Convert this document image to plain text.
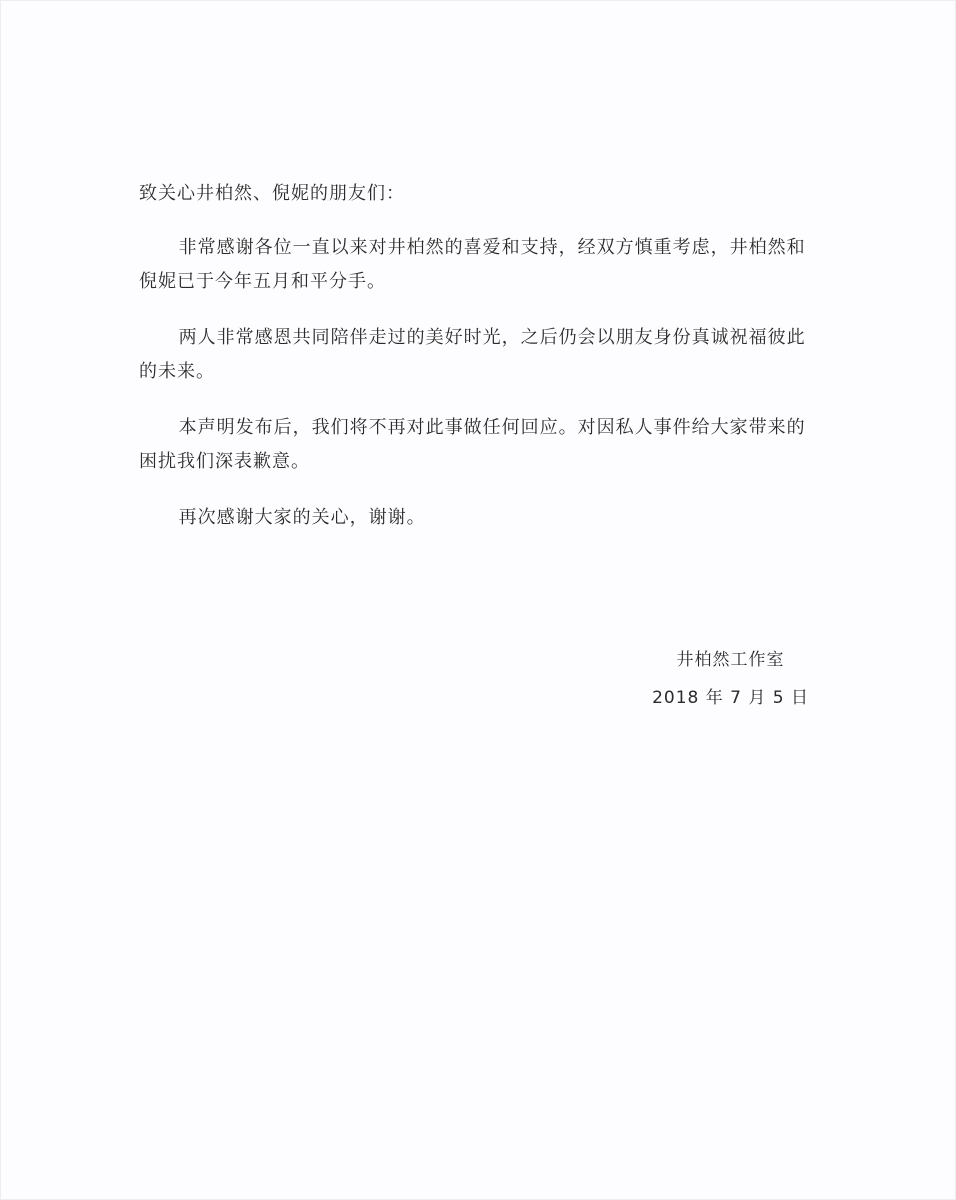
致关心井柏然、倪妮的朋友们：

非常感谢各位一直以来对井柏然的喜爱和支持，经双方慎重考虑，井柏然和倪妮已于今年五月和平分手。

两人非常感恩共同陪伴走过的美好时光，之后仍会以朋友身份真诚祝福彼此的未来。

本声明发布后，我们将不再对此事做任何回应。对因私人事件给大家带来的困扰我们深表歉意。

再次感谢大家的关心，谢谢。

井柏然工作室
2018 年 7 月 5 日
